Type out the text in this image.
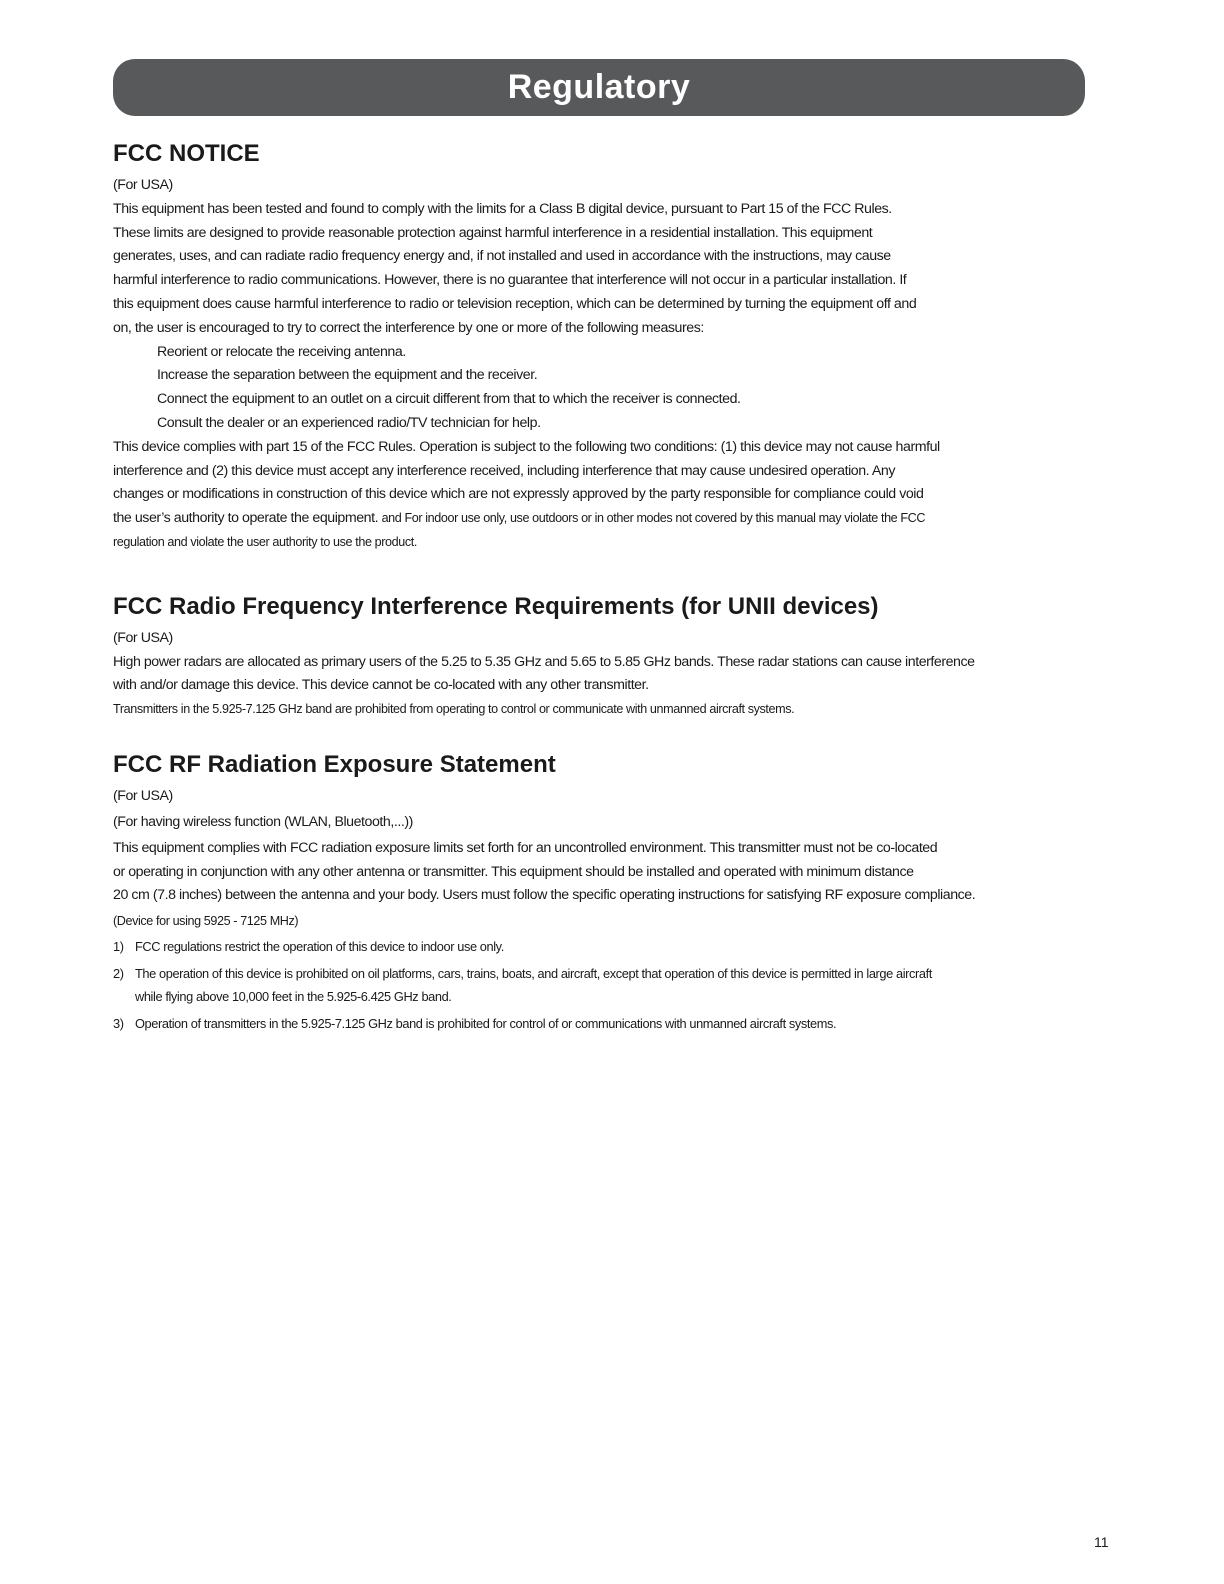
Regulatory
FCC NOTICE

(For USA)

This equipment has been tested and found to comply with the limits for a Class B digital device, pursuant to Part 15 of the FCC Rules.
These limits are designed to provide reasonable protection against harmful interference in a residential installation. This equipment
generates, uses, and can radiate radio frequency energy and, if not installed and used in accordance with the instructions, may cause
harmful interference to radio communications. However, there is no guarantee that interference will not occur in a particular installation. If
this equipment does cause harmful interference to radio or television reception, which can be determined by turning the equipment off and
on, the user is encouraged to try to correct the interference by one or more of the following measures:

Reorient or relocate the receiving antenna.
Increase the separation between the equipment and the receiver.
Connect the equipment to an outlet on a circuit different from that to which the receiver is connected.
Consult the dealer or an experienced radio/TV technician for help.

This device complies with part 15 of the FCC Rules. Operation is subject to the following two conditions: (1) this device may not cause harmful
interference and (2) this device must accept any interference received, including interference that may cause undesired operation. Any
changes or modifications in construction of this device which are not expressly approved by the party responsible for compliance could void
the user’s authority to operate the equipment. and For indoor use only, use outdoors or in other modes not covered by this manual may violate the FCC
regulation and violate the user authority to use the product.

FCC Radio Frequency Interference Requirements (for UNII devices)

(For USA)

High power radars are allocated as primary users of the 5.25 to 5.35 GHz and 5.65 to 5.85 GHz bands. These radar stations can cause interference
with and/or damage this device. This device cannot be co-located with any other transmitter.

Transmitters in the 5.925-7.125 GHz band are prohibited from operating to control or communicate with unmanned aircraft systems.

FCC RF Radiation Exposure Statement

(For USA)

(For having wireless function (WLAN, Bluetooth,...))

This equipment complies with FCC radiation exposure limits set forth for an uncontrolled environment. This transmitter must not be co-located
or operating in conjunction with any other antenna or transmitter. This equipment should be installed and operated with minimum distance
20 cm (7.8 inches) between the antenna and your body. Users must follow the specific operating instructions for satisfying RF exposure compliance.

(Device for using 5925 - 7125 MHz)

1) FCC regulations restrict the operation of this device to indoor use only.
2) The operation of this device is prohibited on oil platforms, cars, trains, boats, and aircraft, except that operation of this device is permitted in large aircraft
while flying above 10,000 feet in the 5.925-6.425 GHz band.
3) Operation of transmitters in the 5.925-7.125 GHz band is prohibited for control of or communications with unmanned aircraft systems.
11
